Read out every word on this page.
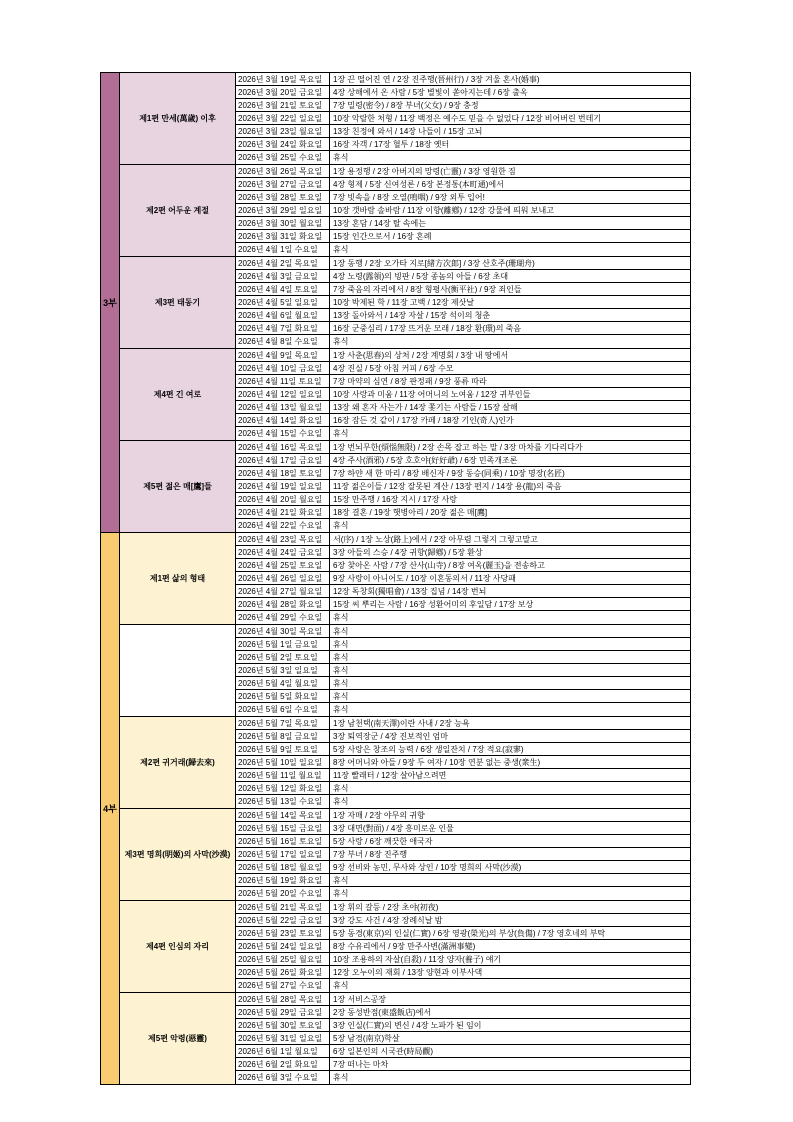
3부
제1편 만세(萬歲) 이후
2026년 3월 19일 목요일	1장 끈 떨어진 연 / 2장 진주행(晉州行) / 3장 겨울 혼사(婚事)
2026년 3월 20일 금요일	4장 상해에서 온 사람 / 5장 별빛이 쏟아지는데 / 6장 출옥
2026년 3월 21일 토요일	7장 밀령(密令) / 8장 부녀(父女) / 9장 충정
2026년 3월 22일 일요일	10장 악랄한 처형 / 11장 백정은 예수도 믿을 수 없었다 / 12장 비어버린 번데기
2026년 3월 23일 월요일	13장 친정에 와서 / 14장 나들이 / 15장 고뇌
2026년 3월 24일 화요일	16장 자객 / 17장 혈투 / 18장 옛터
2026년 3월 25일 수요일	휴식
제2편 어두운 계절
2026년 3월 26일 목요일	1장 용정행 / 2장 아버지의 망령(亡靈) / 3장 영원한 짐
2026년 3월 27일 금요일	4장 형제 / 5장 신여성론 / 6장 본정통(本町通)에서
2026년 3월 28일 토요일	7장 빗속을 / 8장 오열(嗚咽) / 9장 외투 입어!
2026년 3월 29일 일요일	10장 갯바람 솔바람 / 11장 이향(離鄕) / 12장 강물에 띄워 보내고
2026년 3월 30일 월요일	13장 혼담 / 14장 탈 속에는
2026년 3월 31일 화요일	15장 인간으로서 / 16장 혼례
2026년 4월 1일 수요일	휴식
제3편 태동기
2026년 4월 2일 목요일	1장 동행 / 2장 오가타 지로[緒方次郎] / 3장 산호주(珊瑚舟)
2026년 4월 3일 금요일	4장 노령(露領)의 빙판 / 5장 종놈의 아들 / 6장 초대
2026년 4월 4일 토요일	7장 죽음의 자리에서 / 8장 형평사(衡平社) / 9장 죄인들
2026년 4월 5일 일요일	10장 박제된 학 / 11장 고백 / 12장 제삿날
2026년 4월 6일 월요일	13장 돌아와서 / 14장 자살 / 15장 석이의 청춘
2026년 4월 7일 화요일	16장 군중심리 / 17장 뜨거운 모래 / 18장 환(環)의 죽음
2026년 4월 8일 수요일	휴식
제4편 긴 여로
2026년 4월 9일 목요일	1장 사춘(思春)의 상처 / 2장 계명회 / 3장 내 땅에서
2026년 4월 10일 금요일	4장 진실 / 5장 아침 커피 / 6장 수모
2026년 4월 11일 토요일	7장 마약의 심연 / 8장 판정패 / 9장 풍류 따라
2026년 4월 12일 일요일	10장 사랑과 미움 / 11장 어머니의 노여움 / 12장 귀부인들
2026년 4월 13일 월요일	13장 왜 혼자 사는가 / 14장 쫓기는 사람들 / 15장 살해
2026년 4월 14일 화요일	16장 잠든 것 같이 / 17장 카페 / 18장 기인(奇人)인가
2026년 4월 15일 수요일	휴식
제5편 젊은 매[鷹]들
2026년 4월 16일 목요일	1장 번뇌무한(煩惱無限) / 2장 손목 잡고 하는 말 / 3장 마차를 기다리다가
2026년 4월 17일 금요일	4장 주사(酒邪) / 5장 호호야(好好爺) / 6장 민족개조론
2026년 4월 18일 토요일	7장 하얀 새 한 마리 / 8장 배신자 / 9장 동승(同乘) / 10장 명장(名匠)
2026년 4월 19일 일요일	11장 젊은이들 / 12장 잘못된 계산 / 13장 편지 / 14장 용(龍)의 죽음
2026년 4월 20일 월요일	15장 만주행 / 16장 지시 / 17장 사랑
2026년 4월 21일 화요일	18장 결혼 / 19장 햇병아리 / 20장 젊은 매[鷹]
2026년 4월 22일 수요일	휴식
4부
제1편 삶의 형태
2026년 4월 23일 목요일	서(序) / 1장 노상(路上)에서 / 2장 아무렴 그렇지 그렇고말고
2026년 4월 24일 금요일	3장 아들의 스승 / 4장 귀향(歸鄕) / 5장 환상
2026년 4월 25일 토요일	6장 찾아온 사람 / 7장 산사(山寺) / 8장 여옥(麗玉)을 전송하고
2026년 4월 26일 일요일	9장 사랑이 아니어도 / 10장 이혼동의서 / 11장 사당패
2026년 4월 27일 월요일	12장 독창회(獨唱會) / 13장 집념 / 14장 번뇌
2026년 4월 28일 화요일	15장 씨 뿌리는 사람 / 16장 성환어미의 후일담 / 17장 보상
2026년 4월 29일 수요일	휴식
2026년 4월 30일 목요일	휴식
2026년 5월 1일 금요일	휴식
2026년 5월 2일 토요일	휴식
2026년 5월 3일 일요일	휴식
2026년 5월 4일 월요일	휴식
2026년 5월 5일 화요일	휴식
2026년 5월 6일 수요일	휴식
제2편 귀거래(歸去來)
2026년 5월 7일 목요일	1장 남천택(南天澤)이란 사내 / 2장 능욕
2026년 5월 8일 금요일	3장 퇴역장군 / 4장 진보적인 엄마
2026년 5월 9일 토요일	5장 사랑은 창조의 능력 / 6장 생일잔치 / 7장 적요(寂寥)
2026년 5월 10일 일요일	8장 어머니와 아들 / 9장 두 여자 / 10장 연분 없는 중생(衆生)
2026년 5월 11일 월요일	11장 빨래터 / 12장 살아남으려면
2026년 5월 12일 화요일	휴식
2026년 5월 13일 수요일	휴식
제3편 명희(明姬)의 사막(沙漠)
2026년 5월 14일 목요일	1장 자매 / 2장 야무의 귀향
2026년 5월 15일 금요일	3장 대면(對面) / 4장 흥미로운 인물
2026년 5월 16일 토요일	5장 사랑 / 6장 깨끗한 애국자
2026년 5월 17일 일요일	7장 부녀 / 8장 진주행
2026년 5월 18일 월요일	9장 선비와 농민, 무사와 상인 / 10장 명희의 사막(沙漠)
2026년 5월 19일 화요일	휴식
2026년 5월 20일 수요일	휴식
제4편 인심의 자리
2026년 5월 21일 목요일	1장 휘의 갈등 / 2장 초야(初夜)
2026년 5월 22일 금요일	3장 강도 사건 / 4장 장례식날 밤
2026년 5월 23일 토요일	5장 동경(東京)의 인실(仁實) / 6장 영광(榮光)의 부상(負傷) / 7장 영호네의 부탁
2026년 5월 24일 일요일	8장 수유리에서 / 9장 만주사변(滿洲事變)
2026년 5월 25일 월요일	10장 조용하의 자살(自殺) / 11장 양자(養子) 얘기
2026년 5월 26일 화요일	12장 오누이의 재회 / 13장 양현과 이부사댁
2026년 5월 27일 수요일	휴식
제5편 악령(惡靈)
2026년 5월 28일 목요일	1장 서비스공장
2026년 5월 29일 금요일	2장 동성반점(東盛飯店)에서
2026년 5월 30일 토요일	3장 인실(仁實)의 변신 / 4장 노파가 된 임이
2026년 5월 31일 일요일	5장 남경(南京)학살
2026년 6월 1일 월요일	6장 일본인의 시국관(時局觀)
2026년 6월 2일 화요일	7장 떠나는 마차
2026년 6월 3일 수요일	휴식
